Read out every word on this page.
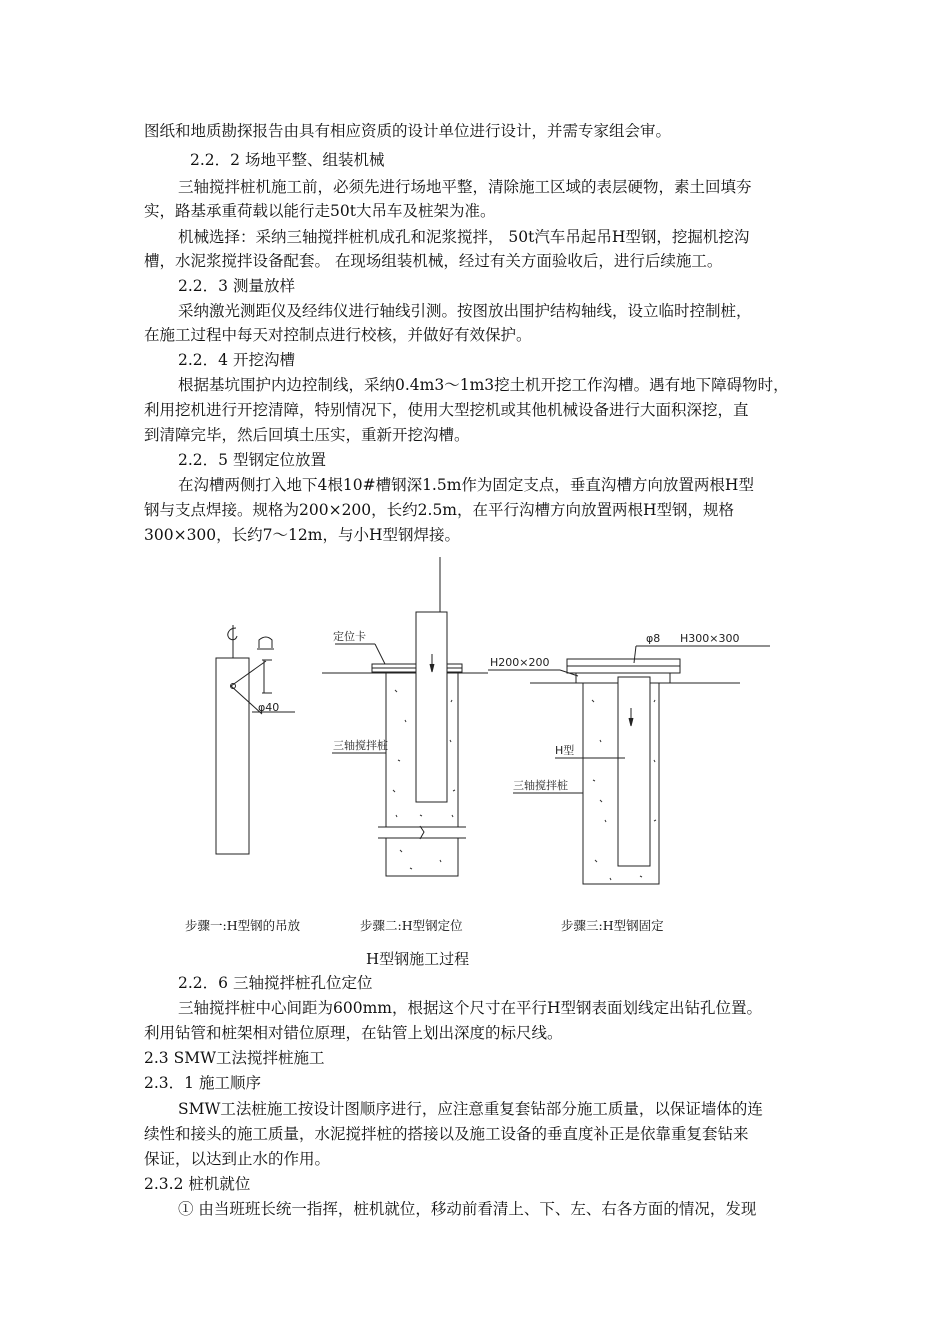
图纸和地质勘探报告由具有相应资质的设计单位进行设计，并需专家组会审。
2.2．2 场地平整、组装机械
三轴搅拌桩机施工前，必须先进行场地平整，清除施工区域的表层硬物，素土回填夯
实，路基承重荷载以能行走50t大吊车及桩架为准。
机械选择：采纳三轴搅拌桩机成孔和泥浆搅拌， 50t汽车吊起吊H型钢，挖掘机挖沟
槽，水泥浆搅拌设备配套。 在现场组装机械，经过有关方面验收后，进行后续施工。
2.2．3 测量放样
采纳激光测距仪及经纬仪进行轴线引测。按图放出围护结构轴线，设立临时控制桩，
在施工过程中每天对控制点进行校核，并做好有效保护。
2.2．4 开挖沟槽
根据基坑围护内边控制线，采纳0.4m3～1m3挖土机开挖工作沟槽。遇有地下障碍物时，
利用挖机进行开挖清障，特别情况下，使用大型挖机或其他机械设备进行大面积深挖，直
到清障完毕，然后回填土压实，重新开挖沟槽。
2.2．5 型钢定位放置
在沟槽两侧打入地下4根10#槽钢深1.5m作为固定支点，垂直沟槽方向放置两根H型
钢与支点焊接。规格为200×200，长约2.5m，在平行沟槽方向放置两根H型钢，规格
300×300，长约7～12m，与小H型钢焊接。
φ40
定位卡
H200×200
φ8 H300×300
H型
三轴搅拌桩
三轴搅拌桩
步骤一:H型钢的吊放	步骤二:H型钢定位	步骤三:H型钢固定
H型钢施工过程
2.2．6 三轴搅拌桩孔位定位
三轴搅拌桩中心间距为600mm，根据这个尺寸在平行H型钢表面划线定出钻孔位置。
利用钻管和桩架相对错位原理，在钻管上划出深度的标尺线。
2.3 SMW工法搅拌桩施工
2.3．1 施工顺序
SMW工法桩施工按设计图顺序进行，应注意重复套钻部分施工质量，以保证墙体的连
续性和接头的施工质量，水泥搅拌桩的搭接以及施工设备的垂直度补正是依靠重复套钻来
保证，以达到止水的作用。
2.3.2 桩机就位
① 由当班班长统一指挥，桩机就位，移动前看清上、下、左、右各方面的情况，发现
